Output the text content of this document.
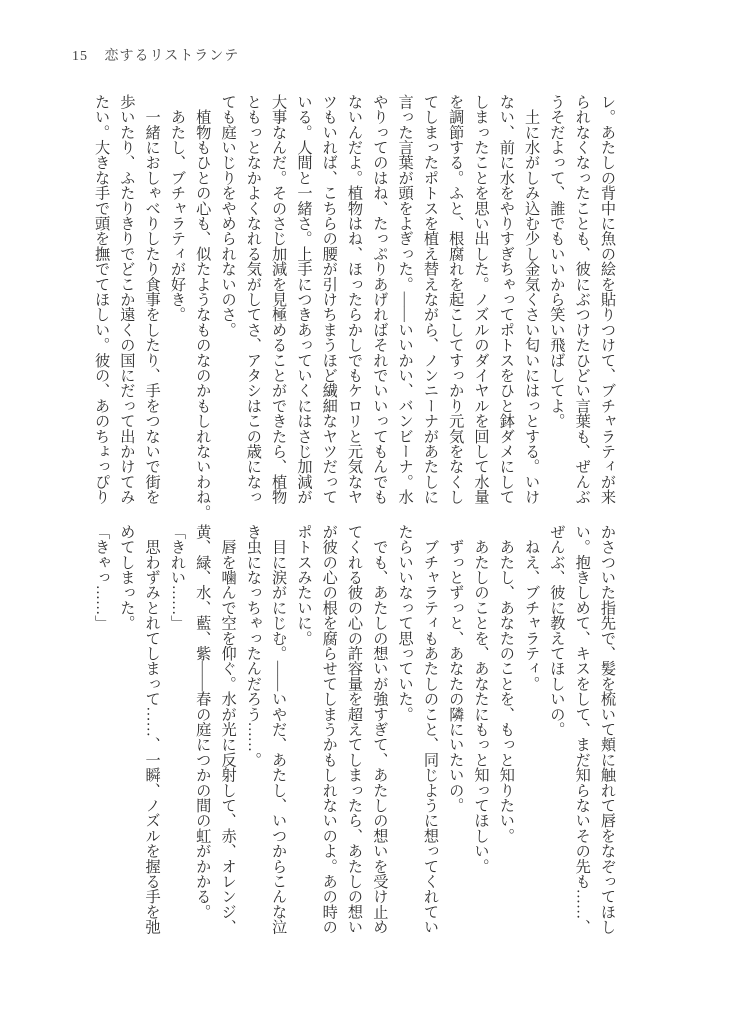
15 恋するリストランテ
レ。あたしの背中に魚の絵を貼りつけて、ブチャラティが来
られなくなったことも、彼にぶつけたひどい言葉も、ぜんぶ
うそだよって、誰でもいいから笑い飛ばしてよ。
　土に水がしみ込む少し金気くさい匂いにはっとする。いけ
ない、前に水をやりすぎちゃってポトスをひと鉢ダメにして
しまったことを思い出した。ノズルのダイヤルを回して水量
を調節する。ふと、根腐れを起こしてすっかり元気をなくし
てしまったポトスを植え替えながら、ノンニーナがあたしに
言った言葉が頭をよぎった。――いいかい、バンビーナ。水
やりってのはね、たっぷりあげればそれでいいってもんでも
ないんだよ。植物はね、ほったらかしでもケロリと元気なヤ
ツもいれば、こちらの腰が引けちまうほど繊細なヤツだって
いる。人間と一緒さ。上手につきあっていくにはさじ加減が
大事なんだ。そのさじ加減を見極めることができたら、植物
ともっとなかよくなれる気がしてさ、アタシはこの歳になっ
ても庭いじりをやめられないのさ。
　植物もひとの心も、似たようなものなのかもしれないわね。
　あたし、ブチャラティが好き。
　一緒におしゃべりしたり食事をしたり、手をつないで街を
歩いたり、ふたりきりでどこか遠くの国にだって出かけてみ
たい。大きな手で頭を撫でてほしい。彼の、あのちょっぴり
かさついた指先で、髪を梳いて頬に触れて唇をなぞってほし
い。抱きしめて、キスをして、まだ知らないその先も……、
ぜんぶ、彼に教えてほしいの。
　ねえ、ブチャラティ。
　あたし、あなたのことを、もっと知りたい。
　あたしのことを、あなたにもっと知ってほしい。
　ずっとずっと、あなたの隣にいたいの。
　ブチャラティもあたしのこと、同じように想ってくれてい
たらいいなって思っていた。
　でも、あたしの想いが強すぎて、あたしの想いを受け止め
てくれる彼の心の許容量を超えてしまったら、あたしの想い
が彼の心の根を腐らせてしまうかもしれないのよ。あの時の
ポトスみたいに。
　目に涙がにじむ。――いやだ、あたし、いつからこんな泣
き虫になっちゃったんだろう……。
　唇を噛んで空を仰ぐ。水が光に反射して、赤、オレンジ、
黄、緑、水、藍、紫――春の庭につかの間の虹がかかる。
「きれい……」
　思わずみとれてしまって……、一瞬、ノズルを握る手を弛
めてしまった。
「きゃっ……」
